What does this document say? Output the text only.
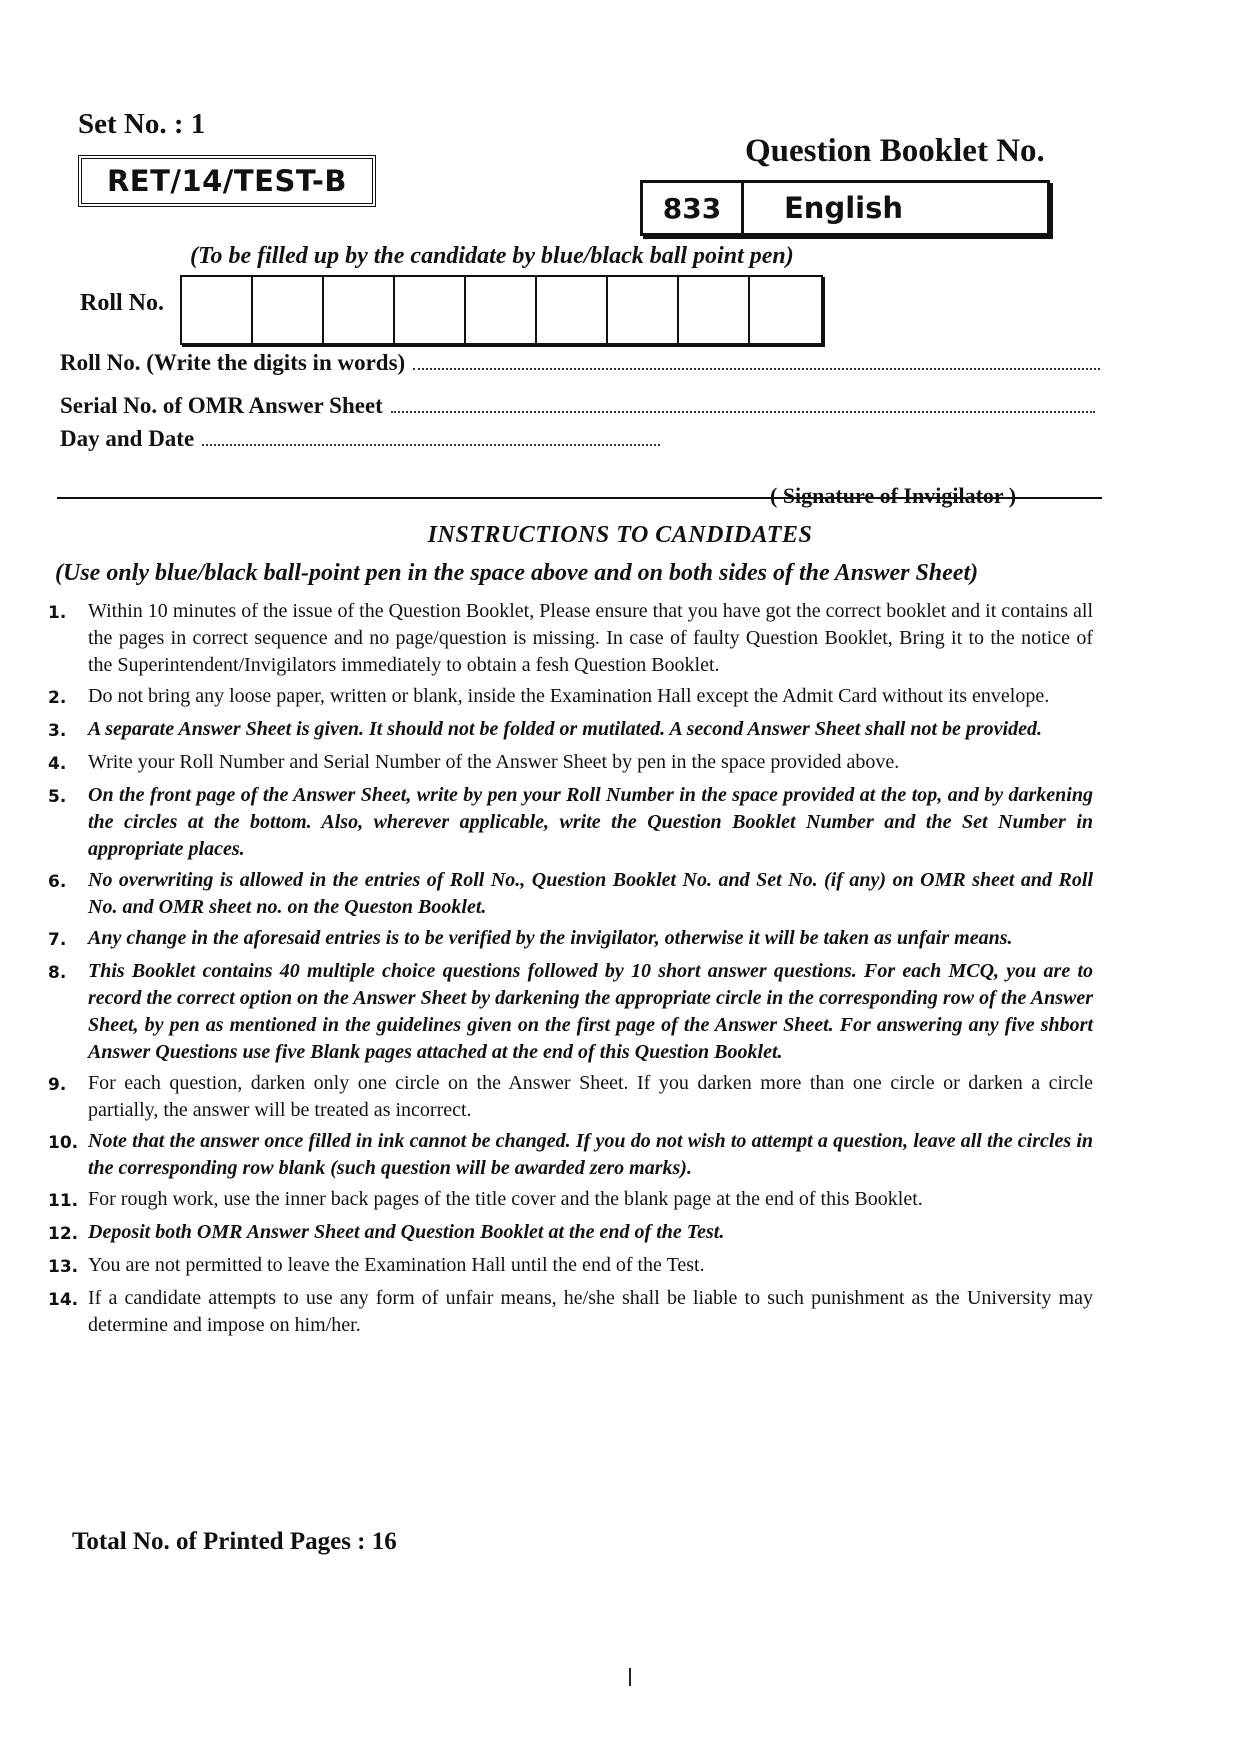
Set No. : 1
RET/14/TEST-B
Question Booklet No.
833	English
(To be filled up by the candidate by blue/black ball point pen)
Roll No.
Roll No. (Write the digits in words)
Serial No. of OMR Answer Sheet
Day and Date
( Signature of Invigilator )
INSTRUCTIONS TO CANDIDATES
(Use only blue/black ball-point pen in the space above and on both sides of the Answer Sheet)
1.	Within 10 minutes of the issue of the Question Booklet, Please ensure that you have got the correct booklet and it contains all the pages in correct sequence and no page/question is missing. In case of faulty Question Booklet, Bring it to the notice of the Superintendent/Invigilators immediately to obtain a fesh Question Booklet.
2.	Do not bring any loose paper, written or blank, inside the Examination Hall except the Admit Card without its envelope.
3.	A separate Answer Sheet is given. It should not be folded or mutilated. A second Answer Sheet shall not be provided.
4.	Write your Roll Number and Serial Number of the Answer Sheet by pen in the space provided above.
5.	On the front page of the Answer Sheet, write by pen your Roll Number in the space provided at the top, and by darkening the circles at the bottom. Also, wherever applicable, write the Question Booklet Number and the Set Number in appropriate places.
6.	No overwriting is allowed in the entries of Roll No., Question Booklet No. and Set No. (if any) on OMR sheet and Roll No. and OMR sheet no. on the Queston Booklet.
7.	Any change in the aforesaid entries is to be verified by the invigilator, otherwise it will be taken as unfair means.
8.	This Booklet contains 40 multiple choice questions followed by 10 short answer questions. For each MCQ, you are to record the correct option on the Answer Sheet by darkening the appropriate circle in the corresponding row of the Answer Sheet, by pen as mentioned in the guidelines given on the first page of the Answer Sheet. For answering any five shbort Answer Questions use five Blank pages attached at the end of this Question Booklet.
9.	For each question, darken only one circle on the Answer Sheet. If you darken more than one circle or darken a circle partially, the answer will be treated as incorrect.
10. Note that the answer once filled in ink cannot be changed. If you do not wish to attempt a question, leave all the circles in the corresponding row blank (such question will be awarded zero marks).
11. For rough work, use the inner back pages of the title cover and the blank page at the end of this Booklet.
12. Deposit both OMR Answer Sheet and Question Booklet at the end of the Test.
13. You are not permitted to leave the Examination Hall until the end of the Test.
14. If a candidate attempts to use any form of unfair means, he/she shall be liable to such punishment as the University may determine and impose on him/her.
Total No. of Printed Pages : 16
